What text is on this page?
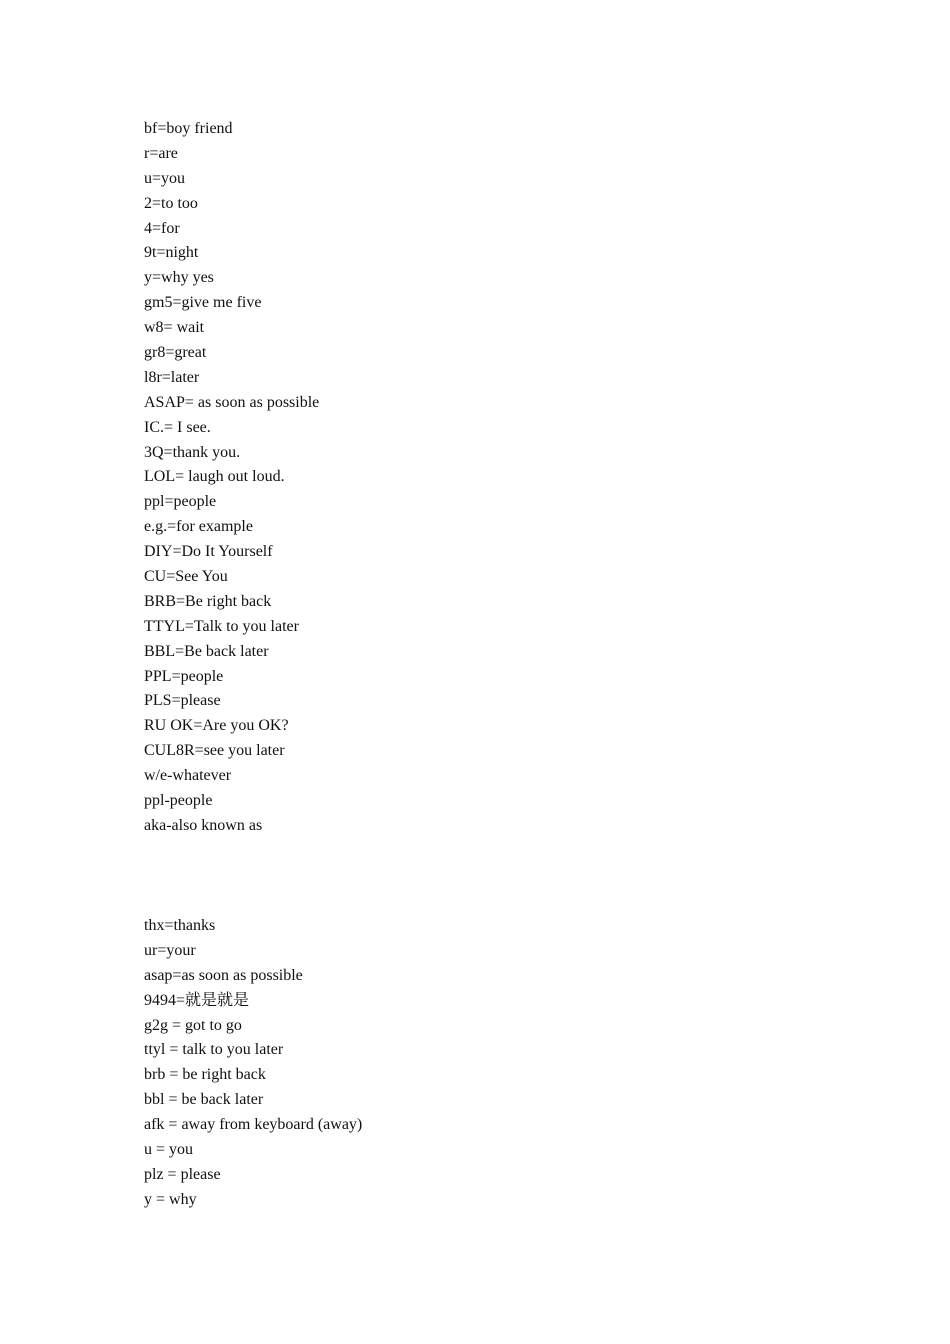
bf=boy friend
r=are
u=you
2=to too
4=for
9t=night
y=why yes
gm5=give me five
w8= wait
gr8=great
l8r=later
ASAP= as soon as possible
IC.= I see.
3Q=thank you.
LOL= laugh out loud.
ppl=people
e.g.=for example
DIY=Do It Yourself
CU=See You
BRB=Be right back
TTYL=Talk to you later
BBL=Be back later
PPL=people
PLS=please
RU OK=Are you OK?
CUL8R=see you later
w/e-whatever
ppl-people
aka-also known as
thx=thanks
ur=your
asap=as soon as possible
9494=就是就是
g2g = got to go
ttyl = talk to you later
brb = be right back
bbl = be back later
afk = away from keyboard (away)
u = you
plz = please
y = why
